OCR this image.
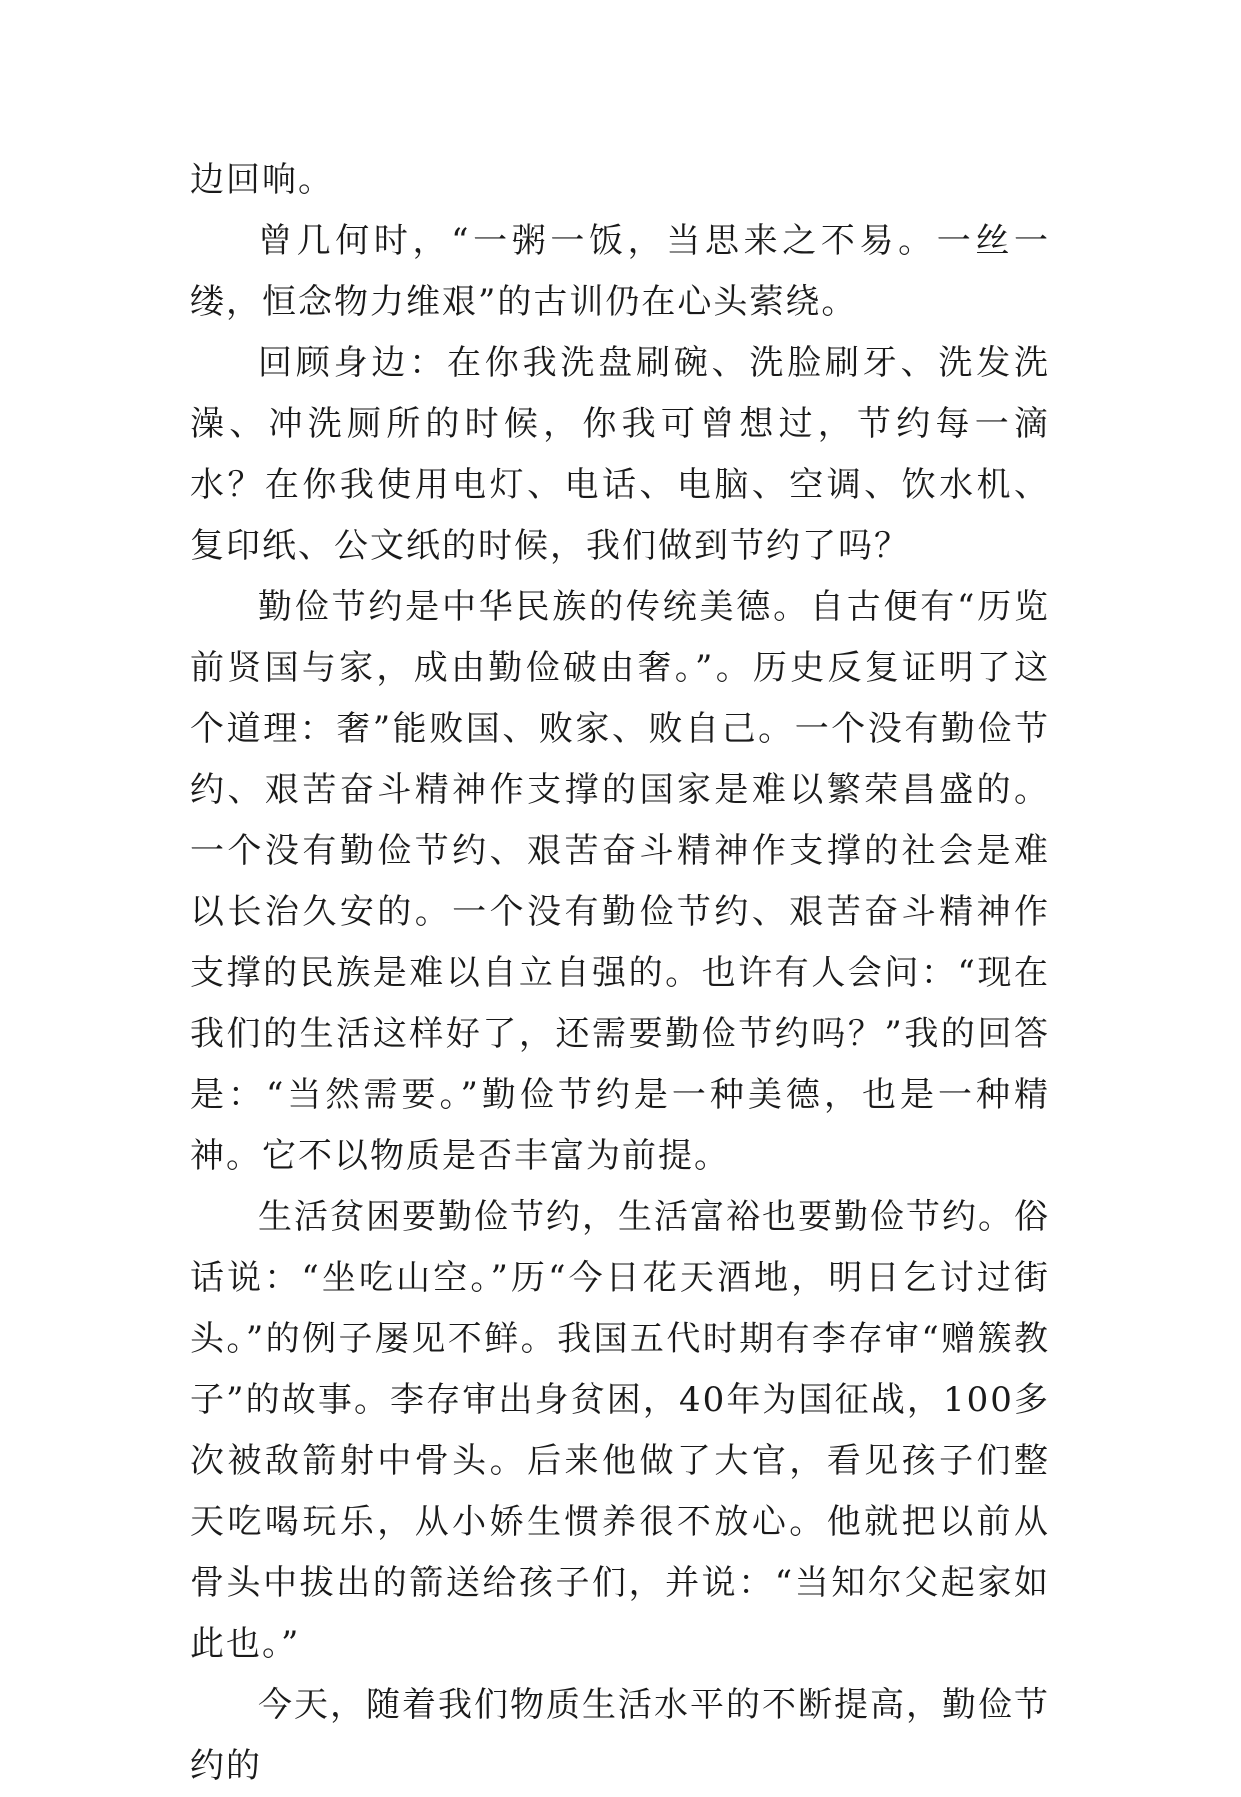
边回响。

曾几何时，“一粥一饭，当思来之不易。一丝一缕，恒念物力维艰”的古训仍在心头萦绕。

回顾身边：在你我洗盘刷碗、洗脸刷牙、洗发洗澡、冲洗厕所的时候，你我可曾想过，节约每一滴水？在你我使用电灯、电话、电脑、空调、饮水机、复印纸、公文纸的时候，我们做到节约了吗？

勤俭节约是中华民族的传统美德。自古便有“历览前贤国与家，成由勤俭破由奢。”。历史反复证明了这个道理：奢”能败国、败家、败自己。一个没有勤俭节约、艰苦奋斗精神作支撑的国家是难以繁荣昌盛的。一个没有勤俭节约、艰苦奋斗精神作支撑的社会是难以长治久安的。一个没有勤俭节约、艰苦奋斗精神作支撑的民族是难以自立自强的。也许有人会问：“现在我们的生活这样好了，还需要勤俭节约吗？”我的回答是：“当然需要。”勤俭节约是一种美德，也是一种精神。它不以物质是否丰富为前提。

生活贫困要勤俭节约，生活富裕也要勤俭节约。俗话说：“坐吃山空。”历“今日花天酒地，明日乞讨过街头。”的例子屡见不鲜。我国五代时期有李存审“赠簇教子”的故事。李存审出身贫困，40年为国征战，100多次被敌箭射中骨头。后来他做了大官，看见孩子们整天吃喝玩乐，从小娇生惯养很不放心。他就把以前从骨头中拔出的箭送给孩子们，并说：“当知尔父起家如此也。”

今天，随着我们物质生活水平的不断提高，勤俭节约的
